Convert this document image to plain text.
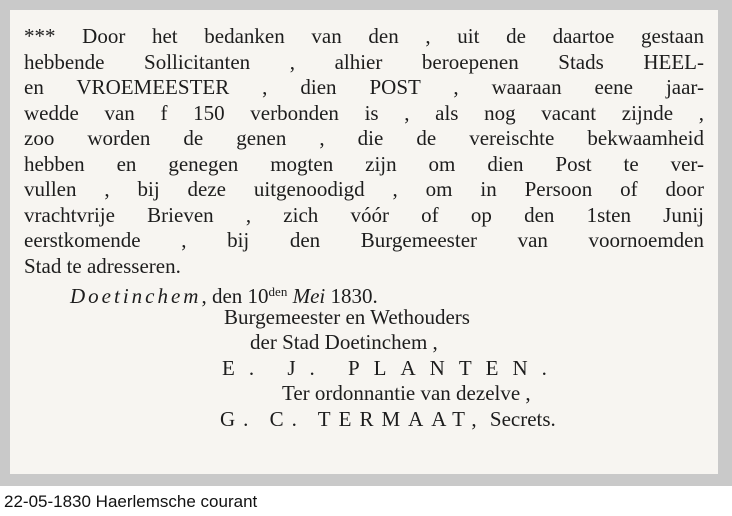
*** Door het bedanken van den , uit de daartoe gestaan
hebbende Sollicitanten , alhier beroepenen Stads HEEL-
en VROEMEESTER , dien POST , waaraan eene jaar-
wedde van f 150 verbonden is , als nog vacant zijnde ,
zoo worden de genen , die de vereischte bekwaamheid
hebben en genegen mogten zijn om dien Post te ver-
vullen , bij deze uitgenoodigd , om in Persoon of door
vrachtvrije Brieven , zich vóór of op den 1sten Junij
eerstkomende , bij den Burgemeester van voornoemden
Stad te adresseren.
Doetinchem, den $10^{den}$ Mei 1830.
Burgemeester en Wethouders
der Stad Doetinchem ,
E. J. PLANTEN.
Ter ordonnantie van dezelve ,
G. C. TERMAAT, Secrets.
22-05-1830 Haerlemsche courant
